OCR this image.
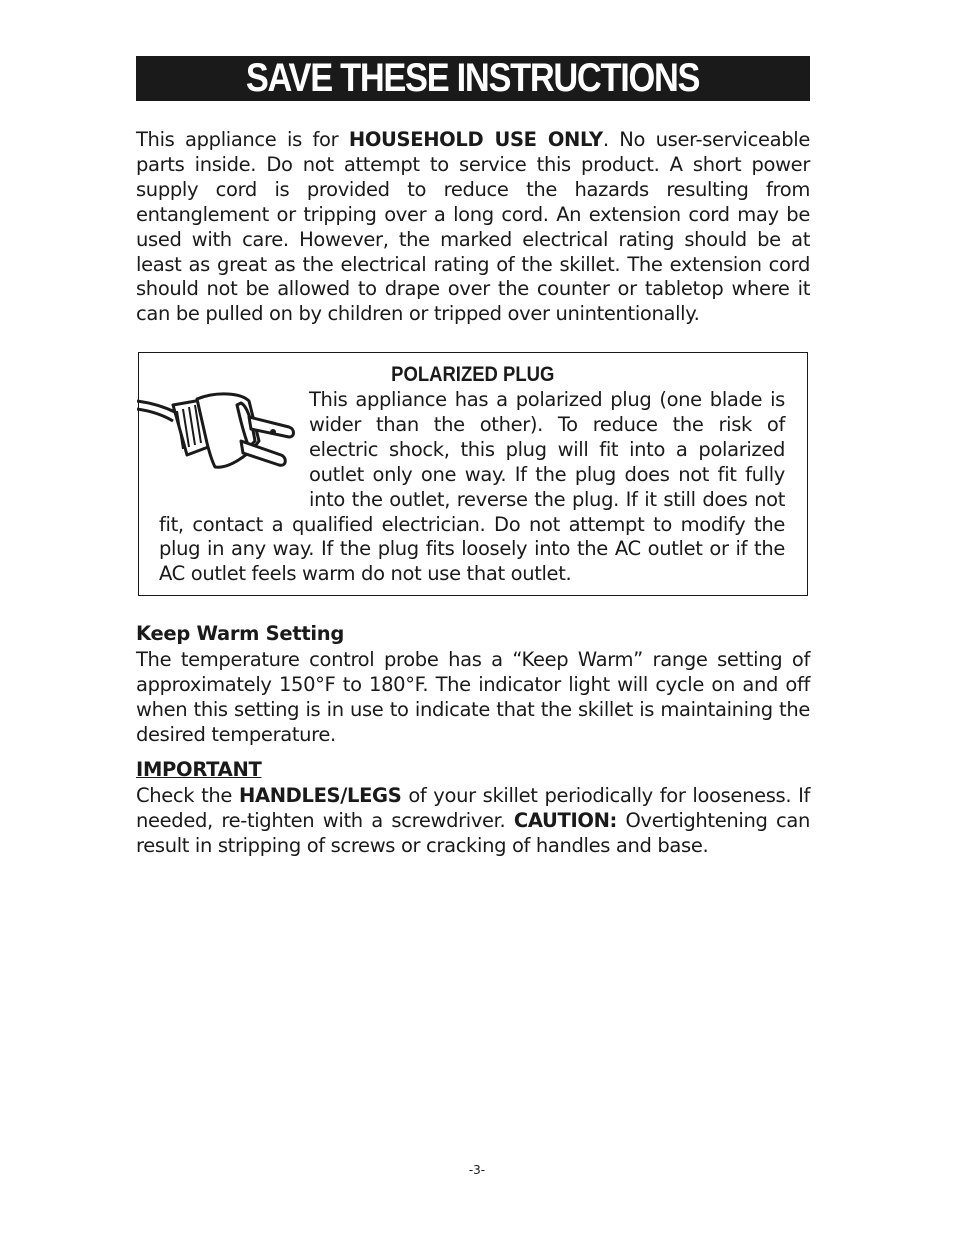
SAVE THESE INSTRUCTIONS
This appliance is for HOUSEHOLD USE ONLY. No user-serviceable parts inside. Do not attempt to service this product. A short power supply cord is provided to reduce the hazards resulting from entanglement or tripping over a long cord. An extension cord may be used with care. However, the marked electrical rating should be at least as great as the electrical rating of the skillet. The extension cord should not be allowed to drape over the counter or tabletop where it can be pulled on by children or tripped over unintentionally.
POLARIZED PLUG
This appliance has a polarized plug (one blade is wider than the other). To reduce the risk of electric shock, this plug will fit into a polarized outlet only one way. If the plug does not fit fully into the outlet, reverse the plug. If it still does not fit, contact a qualified electrician. Do not attempt to modify the plug in any way. If the plug fits loosely into the AC outlet or if the AC outlet feels warm do not use that outlet.
Keep Warm Setting
The temperature control probe has a “Keep Warm” range setting of approximately 150°F to 180°F. The indicator light will cycle on and off when this setting is in use to indicate that the skillet is maintaining the desired temperature.
IMPORTANT
Check the HANDLES/LEGS of your skillet periodically for looseness. If needed, re-tighten with a screwdriver. CAUTION: Overtightening can result in stripping of screws or cracking of handles and base.
-3-
